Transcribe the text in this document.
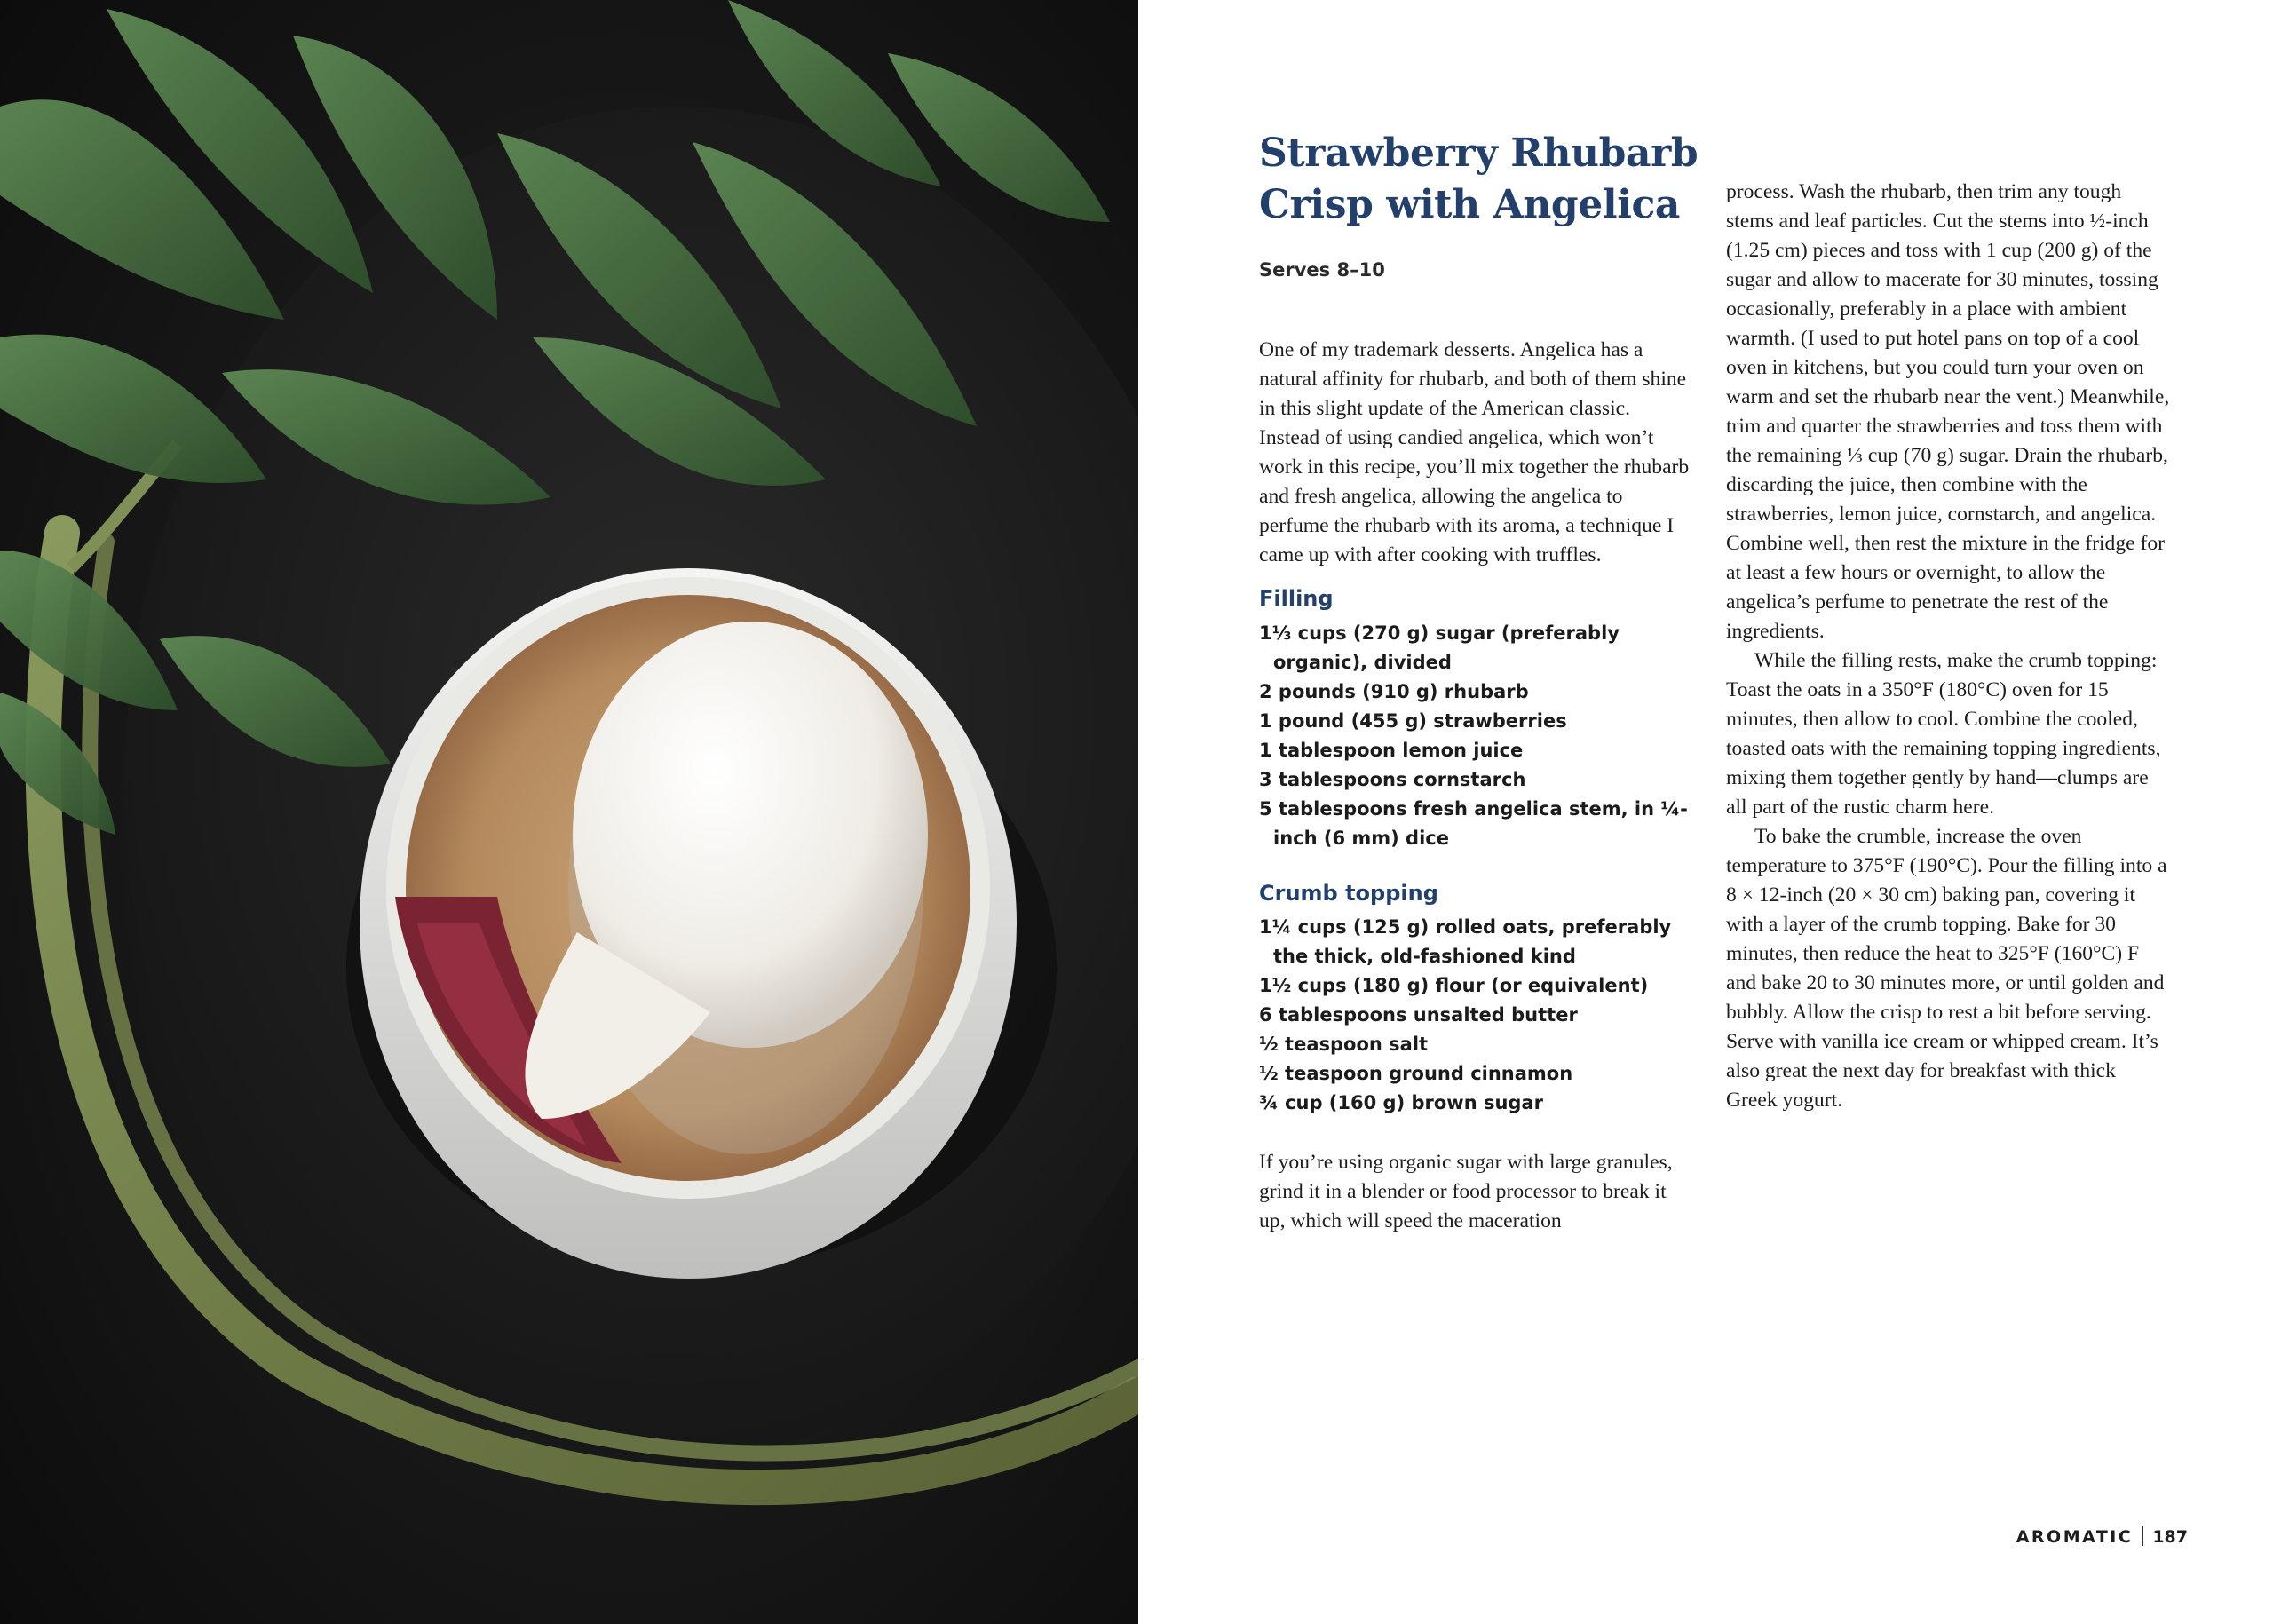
Strawberry Rhubarb
Crisp with Angelica
Serves 8–10

One of my trademark desserts. Angelica has a natural affinity for rhubarb, and both of them shine in this slight update of the American classic. Instead of using candied angelica, which won’t work in this recipe, you’ll mix together the rhubarb and fresh angelica, allowing the angelica to perfume the rhubarb with its aroma, a technique I came up with after cooking with truffles.

Filling
1⅓ cups (270 g) sugar (preferably organic), divided
2 pounds (910 g) rhubarb
1 pound (455 g) strawberries
1 tablespoon lemon juice
3 tablespoons cornstarch
5 tablespoons fresh angelica stem, in ¼-inch (6 mm) dice
Crumb topping
1¼ cups (125 g) rolled oats, preferably the thick, old-fashioned kind
1½ cups (180 g) flour (or equivalent)
6 tablespoons unsalted butter
½ teaspoon salt
½ teaspoon ground cinnamon
¾ cup (160 g) brown sugar

If you’re using organic sugar with large granules, grind it in a blender or food processor to break it up, which will speed the maceration

process. Wash the rhubarb, then trim any tough stems and leaf particles. Cut the stems into ½-inch (1.25 cm) pieces and toss with 1 cup (200 g) of the sugar and allow to macerate for 30 minutes, tossing occasionally, preferably in a place with ambient warmth. (I used to put hotel pans on top of a cool oven in kitchens, but you could turn your oven on warm and set the rhubarb near the vent.) Meanwhile, trim and quarter the strawberries and toss them with the remaining ⅓ cup (70 g) sugar. Drain the rhubarb, discarding the juice, then combine with the strawberries, lemon juice, cornstarch, and angelica. Combine well, then rest the mixture in the fridge for at least a few hours or overnight, to allow the angelica’s perfume to penetrate the rest of the ingredients.

While the filling rests, make the crumb topping: Toast the oats in a 350°F (180°C) oven for 15 minutes, then allow to cool. Combine the cooled, toasted oats with the remaining topping ingredients, mixing them together gently by hand—clumps are all part of the rustic charm here.

To bake the crumble, increase the oven temperature to 375°F (190°C). Pour the filling into a 8 × 12-inch (20 × 30 cm) baking pan, covering it with a layer of the crumb topping. Bake for 30 minutes, then reduce the heat to 325°F (160°C) F and bake 20 to 30 minutes more, or until golden and bubbly. Allow the crisp to rest a bit before serving. Serve with vanilla ice cream or whipped cream. It’s also great the next day for breakfast with thick Greek yogurt.

AROMATIC 187
